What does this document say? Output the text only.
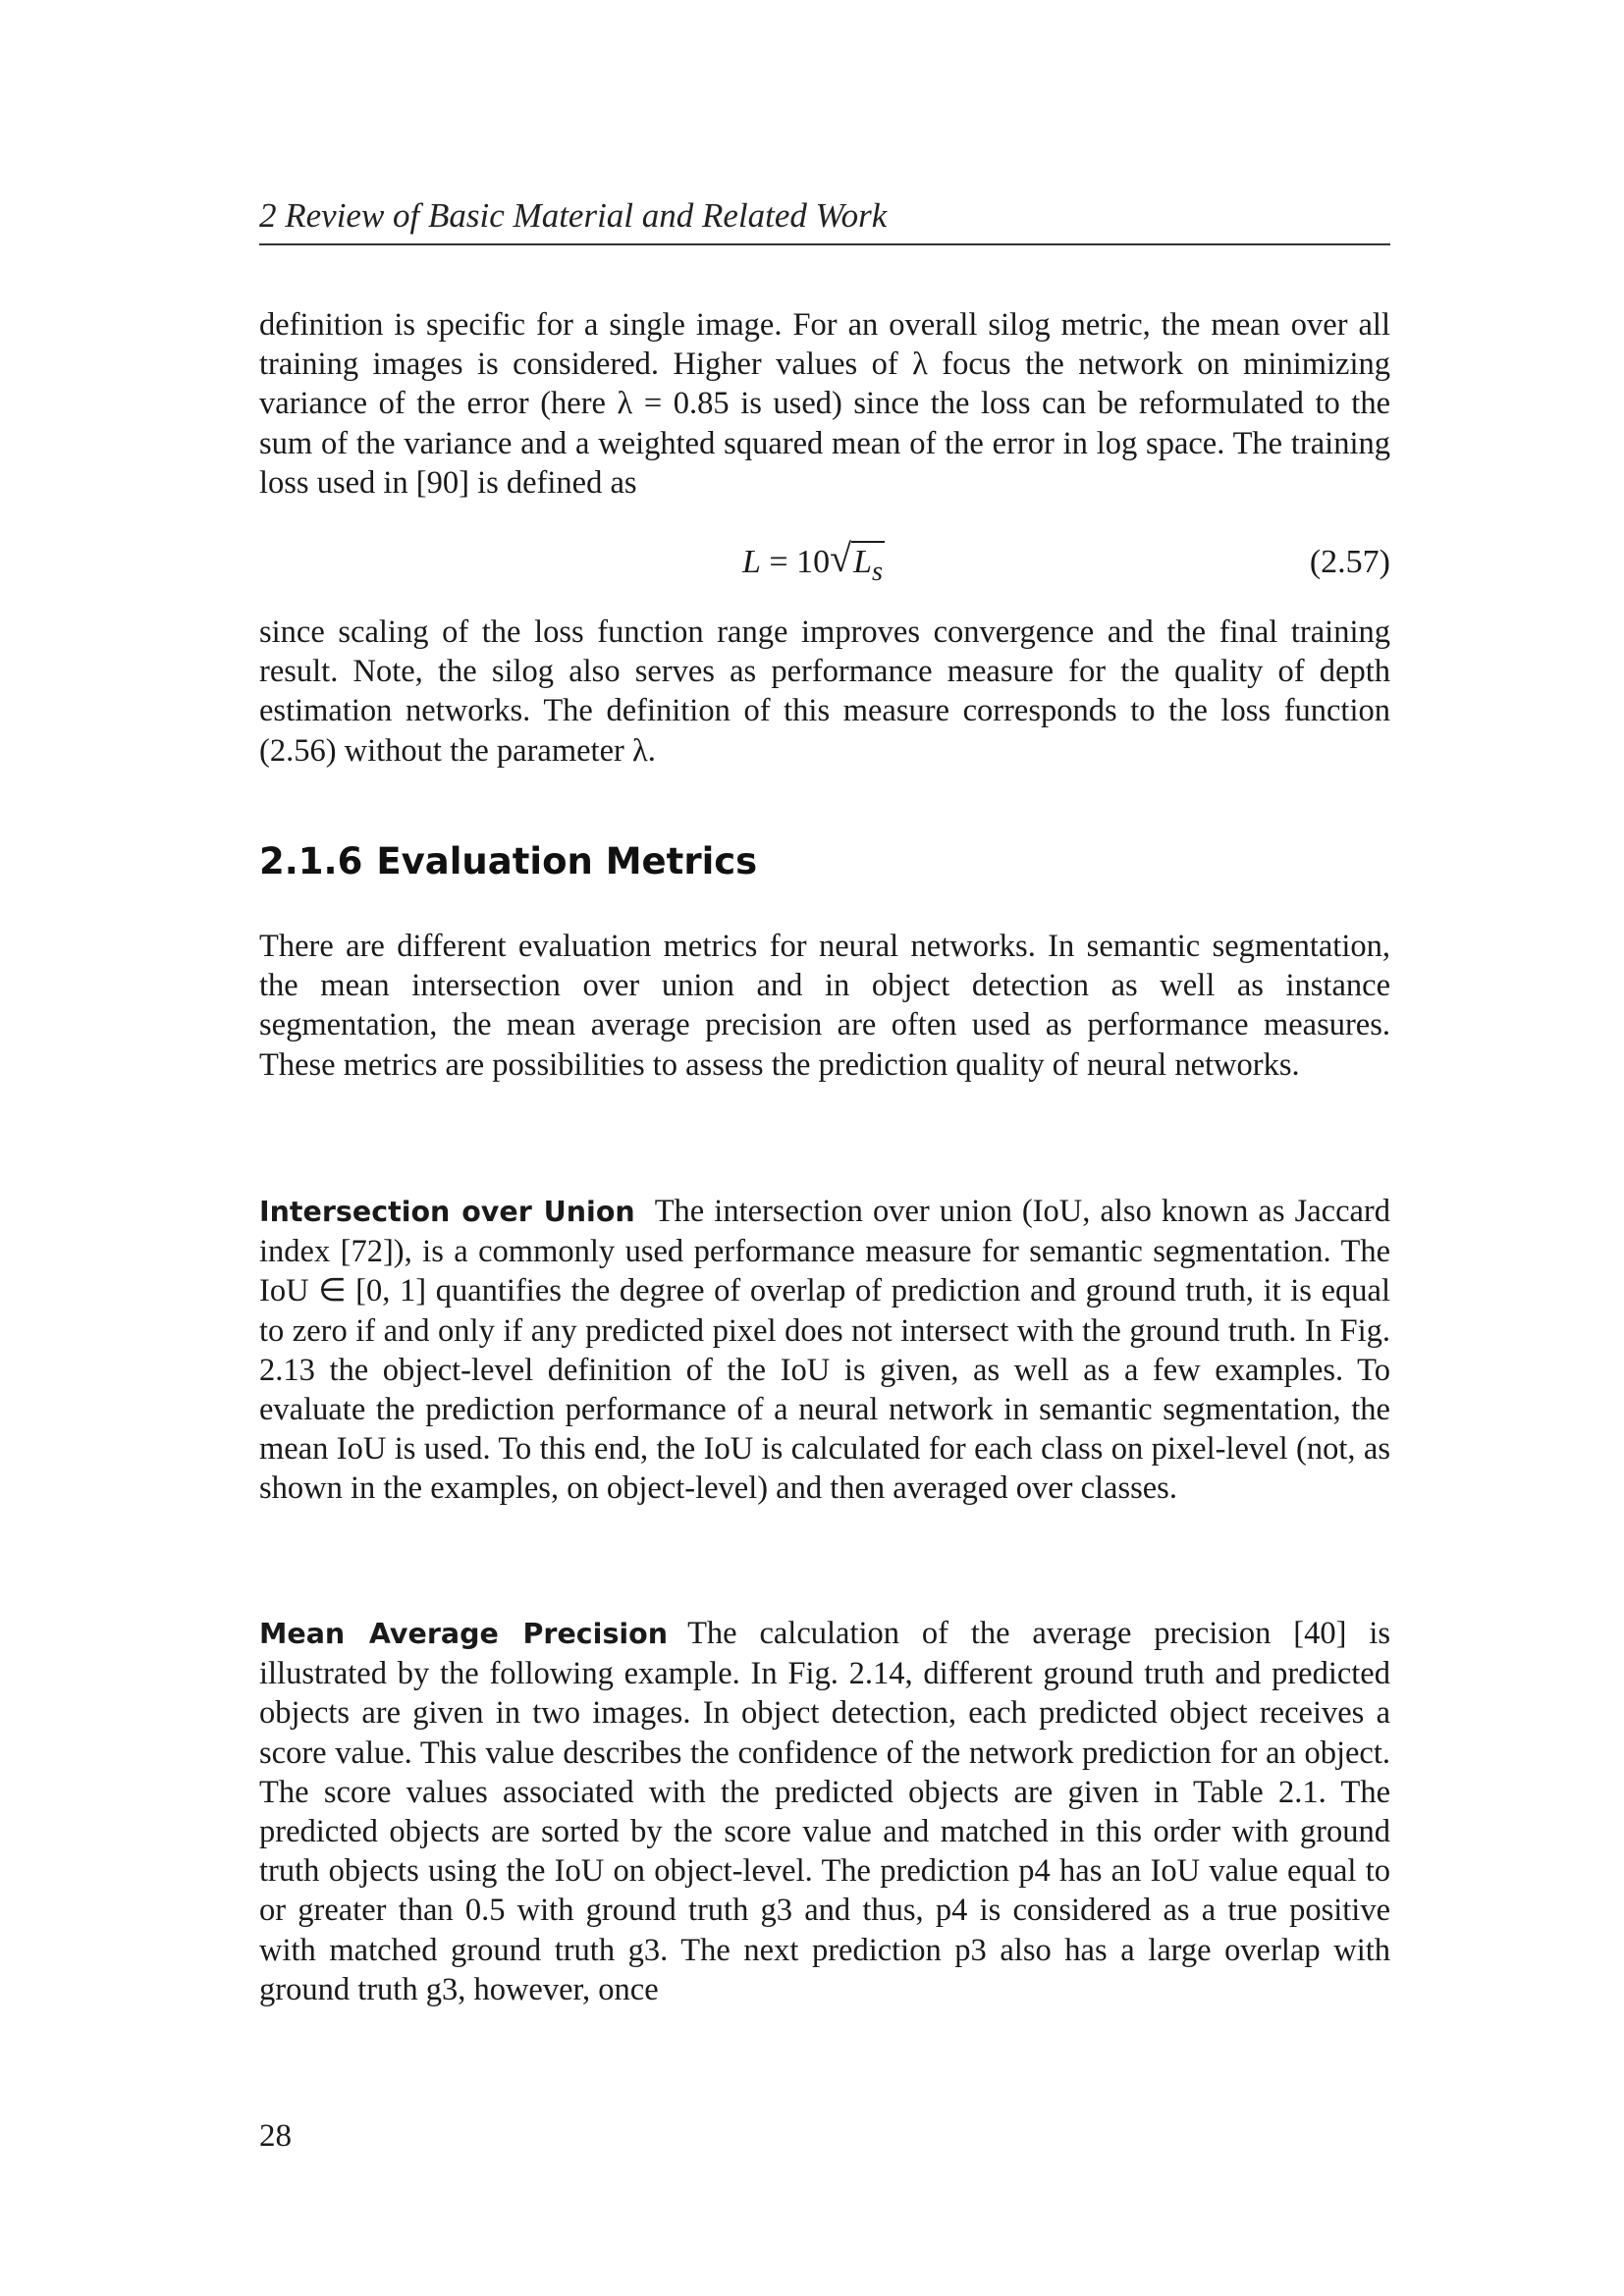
2 Review of Basic Material and Related Work

definition is specific for a single image. For an overall silog metric, the mean over all training images is considered. Higher values of λ focus the network on minimizing variance of the error (here λ = 0.85 is used) since the loss can be reformulated to the sum of the variance and a weighted squared mean of the error in log space. The training loss used in [90] is defined as

L = 10 √ $L_s$	(2.57)

since scaling of the loss function range improves convergence and the final training result. Note, the silog also serves as performance measure for the quality of depth estimation networks. The definition of this measure corresponds to the loss function (2.56) without the parameter λ.

2.1.6 Evaluation Metrics

There are different evaluation metrics for neural networks. In semantic segmentation, the mean intersection over union and in object detection as well as instance segmentation, the mean average precision are often used as performance measures. These metrics are possibilities to assess the prediction quality of neural networks.

Intersection over Union The intersection over union (IoU, also known as Jaccard index [72]), is a commonly used performance measure for semantic segmentation. The IoU ∈ [0, 1] quantifies the degree of overlap of prediction and ground truth, it is equal to zero if and only if any predicted pixel does not intersect with the ground truth. In Fig. 2.13 the object-level definition of the IoU is given, as well as a few examples. To evaluate the prediction performance of a neural network in semantic segmentation, the mean IoU is used. To this end, the IoU is calculated for each class on pixel-level (not, as shown in the examples, on object-level) and then averaged over classes.

Mean Average Precision The calculation of the average precision [40] is illustrated by the following example. In Fig. 2.14, different ground truth and predicted objects are given in two images. In object detection, each predicted object receives a score value. This value describes the confidence of the network prediction for an object. The score values associated with the predicted objects are given in Table 2.1. The predicted objects are sorted by the score value and matched in this order with ground truth objects using the IoU on object-level. The prediction p4 has an IoU value equal to or greater than 0.5 with ground truth g3 and thus, p4 is considered as a true positive with matched ground truth g3. The next prediction p3 also has a large overlap with ground truth g3, however, once

28
